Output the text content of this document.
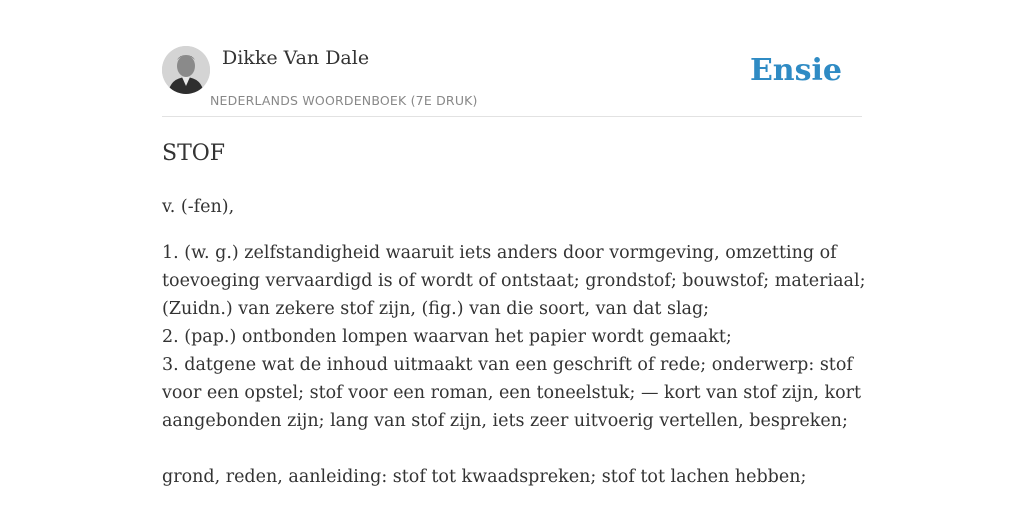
Dikke Van Dale
NEDERLANDS WOORDENBOEK (7E DRUK)
Ensie
STOF
v. (-fen),
1. (w. g.) zelfstandigheid waaruit iets anders door vormgeving, omzetting of
toevoeging vervaardigd is of wordt of ontstaat; grondstof; bouwstof; materiaal;
(Zuidn.) van zekere stof zijn, (fig.) van die soort, van dat slag;
2. (pap.) ontbonden lompen waarvan het papier wordt gemaakt;
3. datgene wat de inhoud uitmaakt van een geschrift of rede; onderwerp: stof
voor een opstel; stof voor een roman, een toneelstuk; — kort van stof zijn, kort
aangebonden zijn; lang van stof zijn, iets zeer uitvoerig vertellen, bespreken;
grond, reden, aanleiding: stof tot kwaadspreken; stof tot lachen hebben;
